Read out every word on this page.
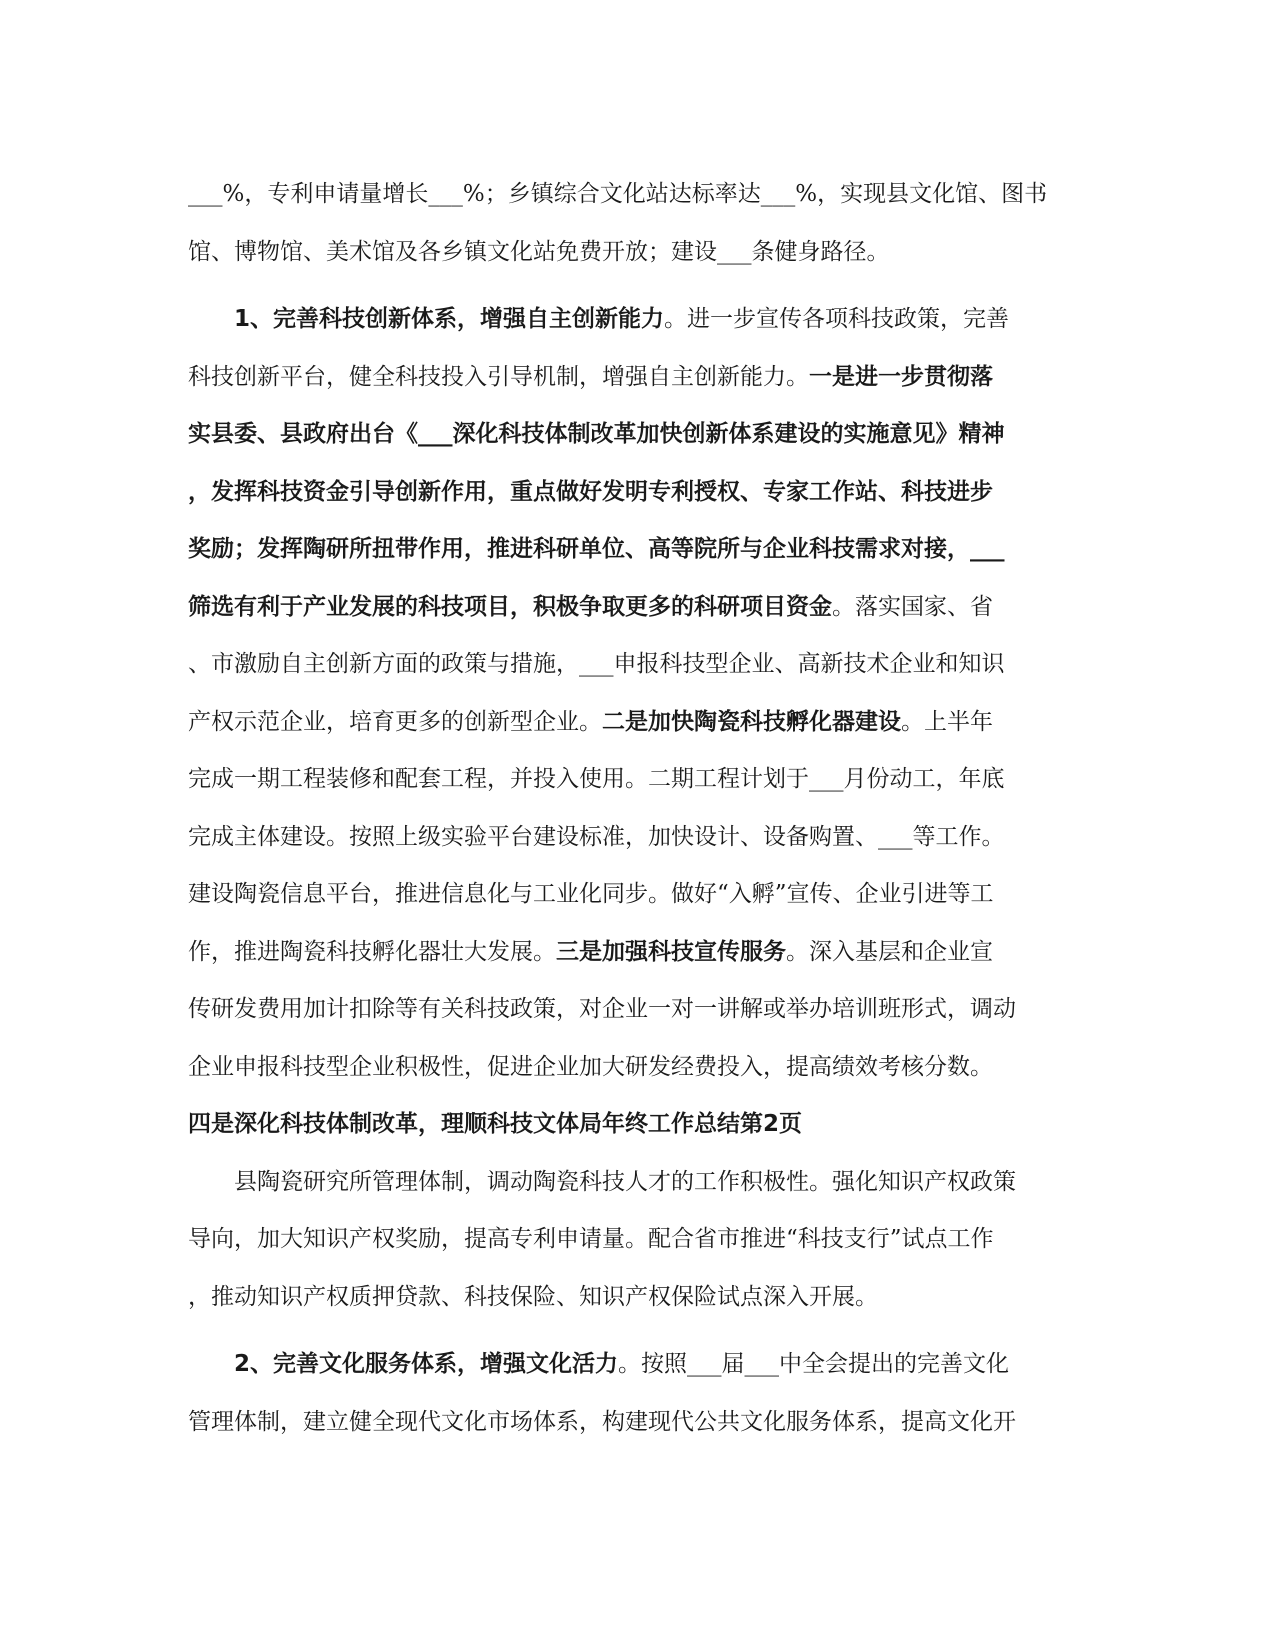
___%，专利申请量增长___%；乡镇综合文化站达标率达___%，实现县文化馆、图书
馆、博物馆、美术馆及各乡镇文化站免费开放；建设___条健身路径。
1、完善科技创新体系，增强自主创新能力。进一步宣传各项科技政策，完善
科技创新平台，健全科技投入引导机制，增强自主创新能力。一是进一步贯彻落
实县委、县政府出台《___深化科技体制改革加快创新体系建设的实施意见》精神
，发挥科技资金引导创新作用，重点做好发明专利授权、专家工作站、科技进步
奖励；发挥陶研所扭带作用，推进科研单位、高等院所与企业科技需求对接，___
筛选有利于产业发展的科技项目，积极争取更多的科研项目资金。落实国家、省
、市激励自主创新方面的政策与措施，___申报科技型企业、高新技术企业和知识
产权示范企业，培育更多的创新型企业。二是加快陶瓷科技孵化器建设。上半年
完成一期工程装修和配套工程，并投入使用。二期工程计划于___月份动工，年底
完成主体建设。按照上级实验平台建设标准，加快设计、设备购置、___等工作。
建设陶瓷信息平台，推进信息化与工业化同步。做好“入孵”宣传、企业引进等工
作，推进陶瓷科技孵化器壮大发展。三是加强科技宣传服务。深入基层和企业宣
传研发费用加计扣除等有关科技政策，对企业一对一讲解或举办培训班形式，调动
企业申报科技型企业积极性，促进企业加大研发经费投入，提高绩效考核分数。
四是深化科技体制改革，理顺科技文体局年终工作总结第2页
县陶瓷研究所管理体制，调动陶瓷科技人才的工作积极性。强化知识产权政策
导向，加大知识产权奖励，提高专利申请量。配合省市推进“科技支行”试点工作
，推动知识产权质押贷款、科技保险、知识产权保险试点深入开展。
2、完善文化服务体系，增强文化活力。按照___届___中全会提出的完善文化
管理体制，建立健全现代文化市场体系，构建现代公共文化服务体系，提高文化开
